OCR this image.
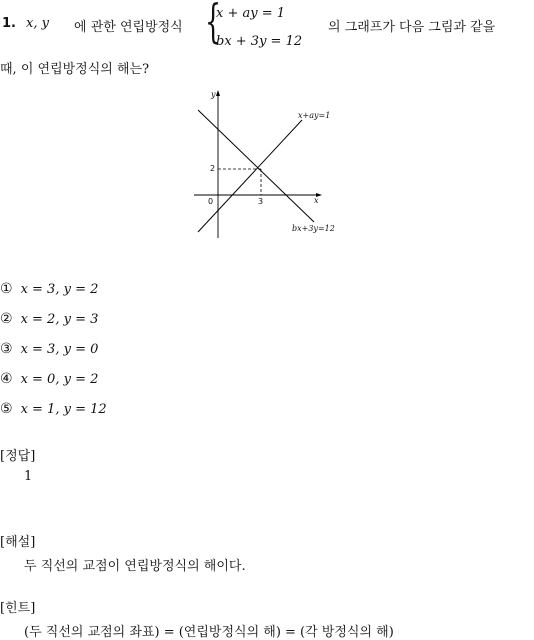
1. x, y 에 관한 연립방정식 {
x + ay = 1
bx + 3y = 12
의 그래프가 다음 그림과 같을
때, 이 연립방정식의 해는?
y
x
0	3
2
x+ay=1
bx+3y=12
① x = 3, y = 2
② x = 2, y = 3
③ x = 3, y = 0
④ x = 0, y = 2
⑤ x = 1, y = 12
[정답]
1
[해설]
두 직선의 교점이 연립방정식의 해이다.
[힌트]
(두 직선의 교점의 좌표) = (연립방정식의 해) = (각 방정식의 해)
